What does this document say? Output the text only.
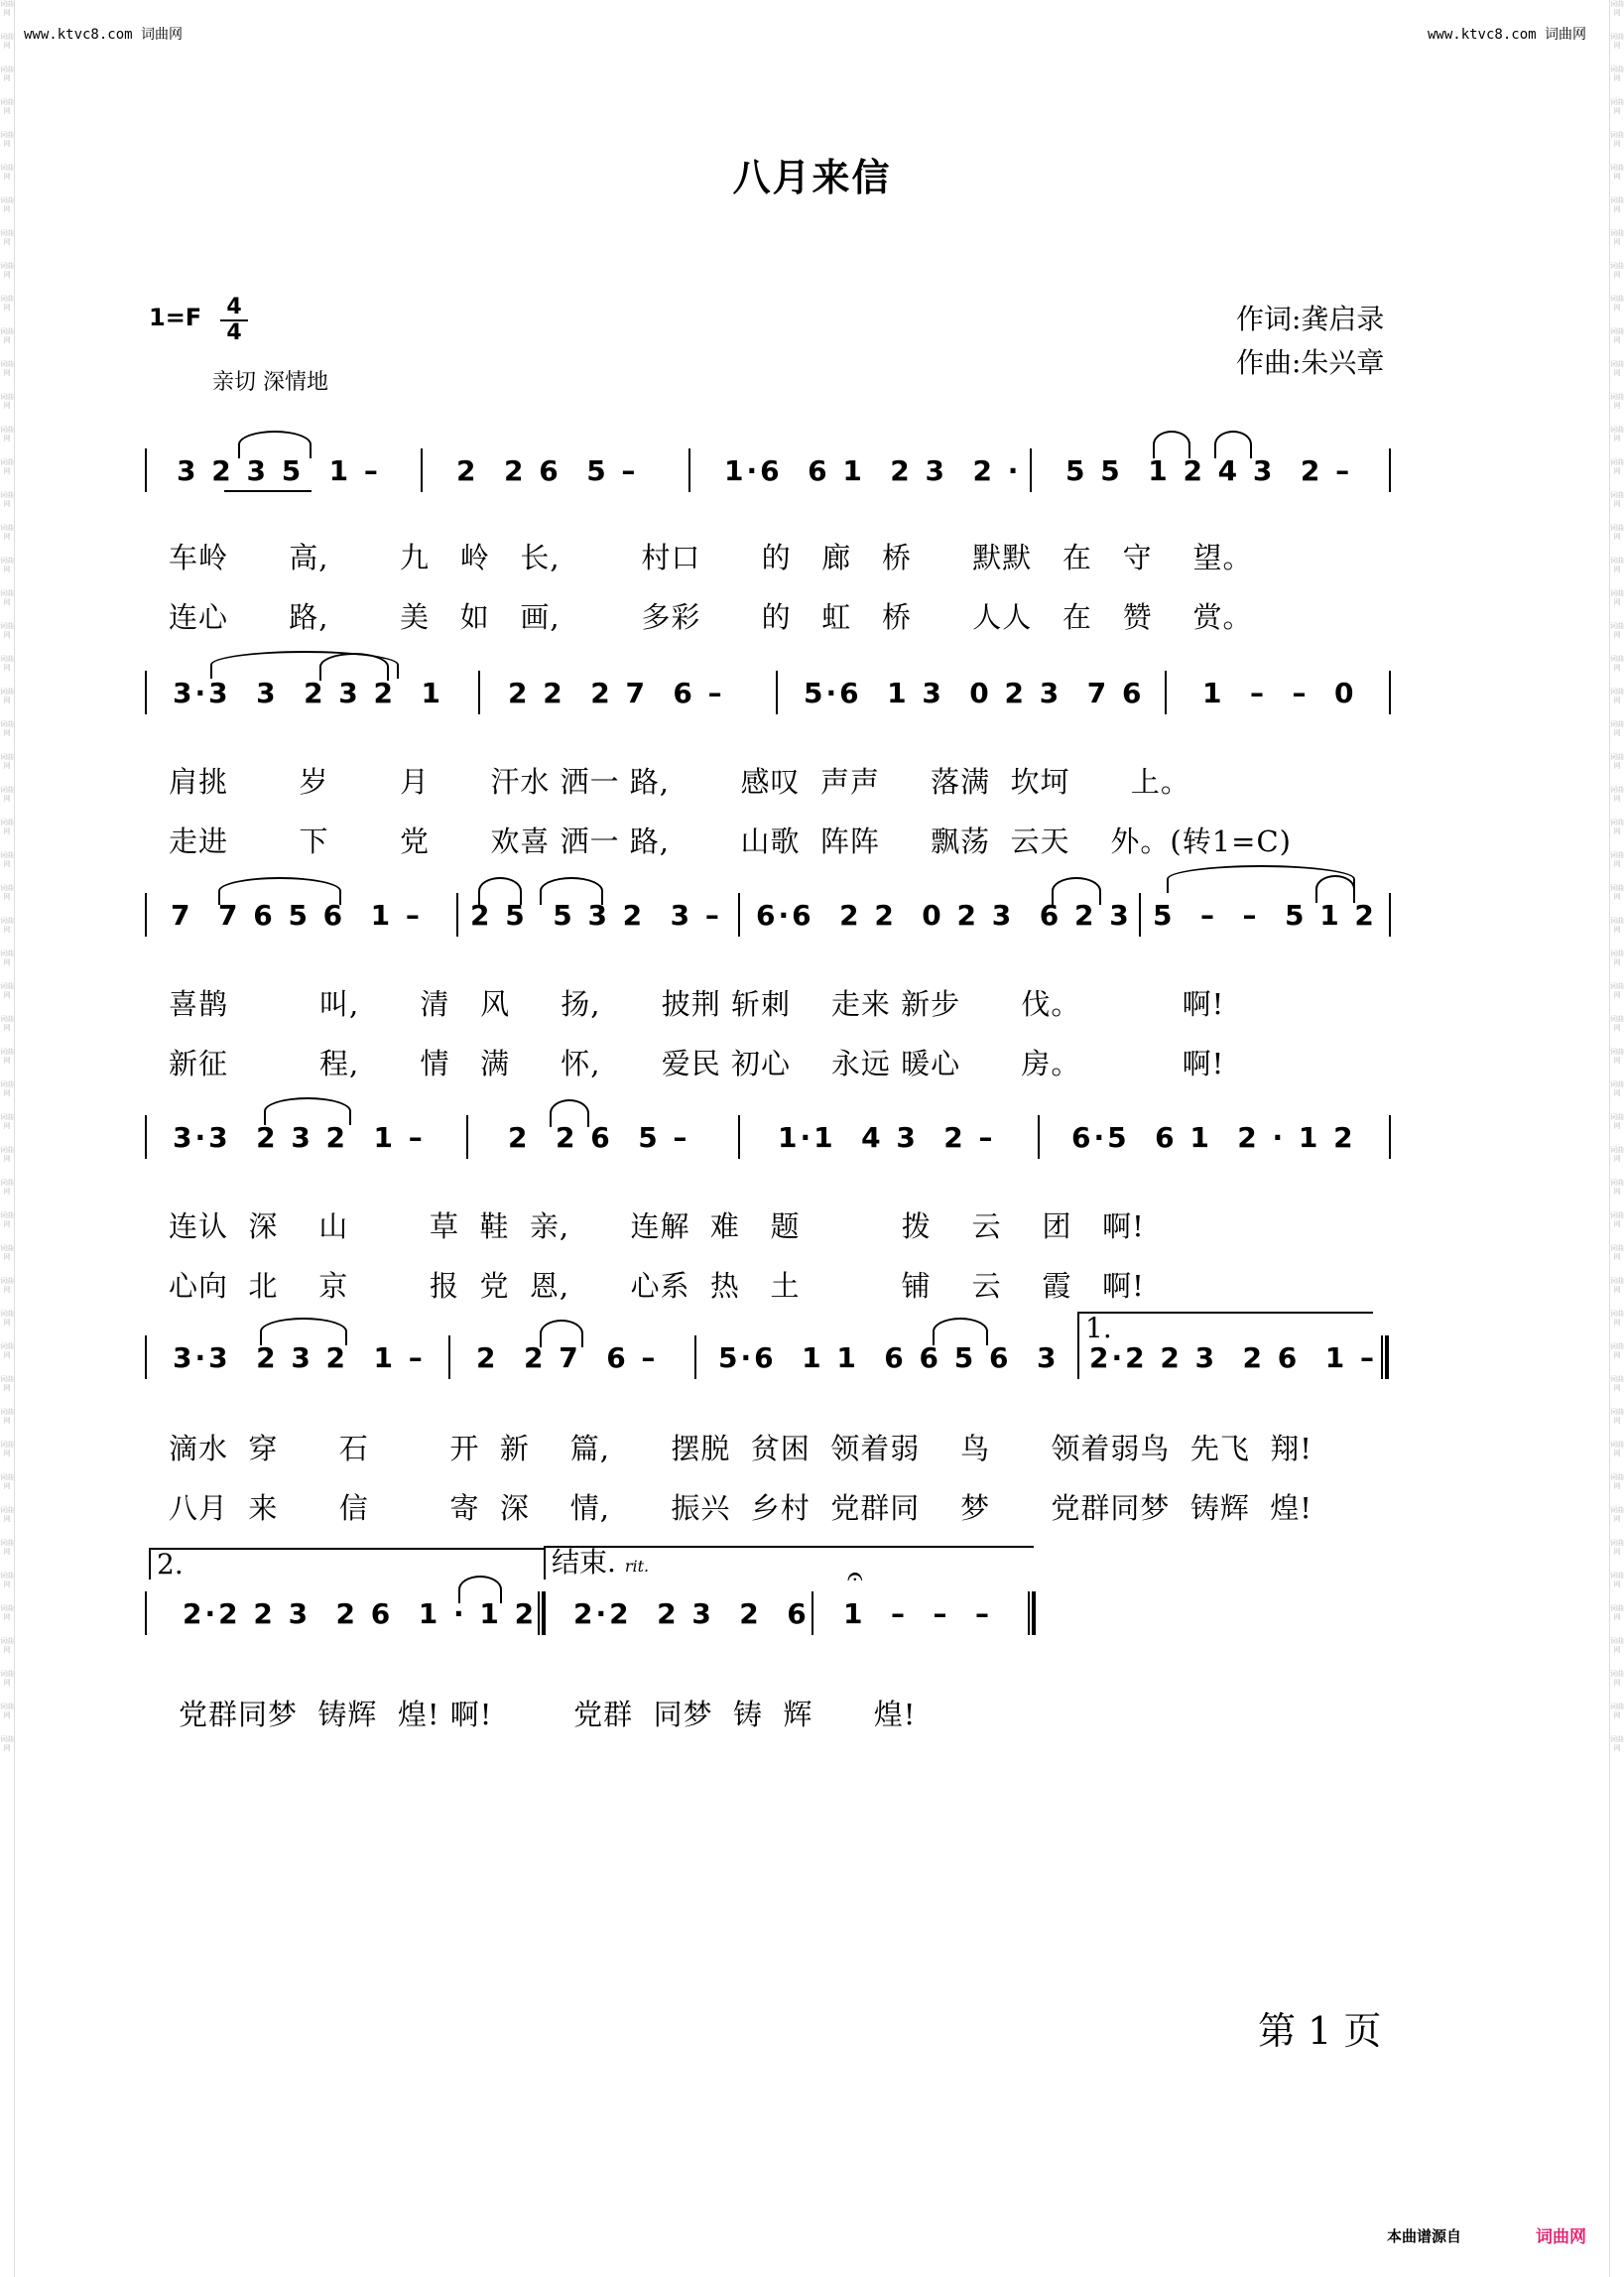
www.ktvc8.com 词曲网	www.ktvc8.com 词曲网
词曲网
词曲网
词曲网
词曲网
词曲网
词曲网
词曲网
词曲网
词曲网
词曲网
词曲网
词曲网
词曲网
词曲网
词曲网
词曲网
词曲网
词曲网
词曲网
词曲网
词曲网
词曲网
词曲网
词曲网
词曲网
词曲网
词曲网
词曲网
词曲网
词曲网
词曲网
词曲网
词曲网
词曲网
词曲网
词曲网
词曲网
词曲网
词曲网
词曲网
词曲网
词曲网
词曲网
词曲网
词曲网
词曲网
词曲网
词曲网
词曲网
词曲网
词曲网
词曲网
词曲网
词曲网
词曲网
词曲网
词曲网
词曲网
词曲网
词曲网
词曲网
词曲网
词曲网
词曲网
词曲网
词曲网
词曲网
词曲网
词曲网
词曲网
词曲网
词曲网
词曲网
词曲网
词曲网
词曲网
词曲网
词曲网
词曲网
词曲网
词曲网
词曲网
词曲网
词曲网
词曲网
词曲网
词曲网
词曲网
词曲网
词曲网
词曲网
词曲网
词曲网
词曲网
词曲网
词曲网
词曲网
词曲网
词曲网
词曲网
词曲网
词曲网
词曲网
词曲网
词曲网
词曲网
词曲网
词曲网
八月来信
1=F 4
4
亲切 深情地
作词:龚启录
作曲:朱兴章
3 2 3 5  1 –	2  2 6  5 –	1·6  6 1  2 3  2 · 5 5  1 2 4 3  2 –
车岭      高,       九   岭   长,        村口      的   廊   桥      默默   在   守    望。
连心      路,       美   如   画,        多彩      的   虹   桥      人人   在   赞    赏。
3·3  3  2 3 2  1 2 2  2 7  6 –	5·6  1 3  0 2 3  7 6 1  –  –  0
肩挑       岁       月      汗水 洒一 路,       感叹  声声     落满  坎坷      上。
走进       下       党      欢喜 洒一 路,       山歌  阵阵     飘荡  云天    外。(转1=C)
7  7 6 5 6  1 – 2 5  5 3 2  3 – 6·6  2 2  0 2 3  6 2 3 5  –  –  5 1 2
喜鹊         叫,      清   风     扬,      披荆 斩刺    走来 新步      伐。          啊!
新征         程,      情   满     怀,      爱民 初心    永远 暖心      房。          啊!
3·3  2 3 2  1 –	2  2 6  5 –	1·1  4 3  2 –	6·5  6 1  2 · 1 2
连认  深    山        草  鞋  亲,      连解  难   题          拨    云    团   啊!
心向  北    京        报  党  恩,      心系  热   土          铺    云    霞   啊!
3·3  2 3 2  1 – 2  2 7  6 – 5·6  1 1  6 6 5 6  3
1.
2·2 2 3  2 6  1 –
滴水  穿      石        开  新    篇,      摆脱  贫困  领着弱    鸟      领着弱鸟  先飞  翔!
八月  来      信        寄  深    情,      振兴  乡村  党群同    梦      党群同梦  铸辉  煌!
2.
2·2 2 3  2 6  1 · 1 2
结束. rit.
2·2  2 3  2  6
𝄐
1  –  –  –
党群同梦  铸辉  煌! 啊!        党群  同梦  铸  辉      煌!
第 1 页
本曲谱源自	词曲网
